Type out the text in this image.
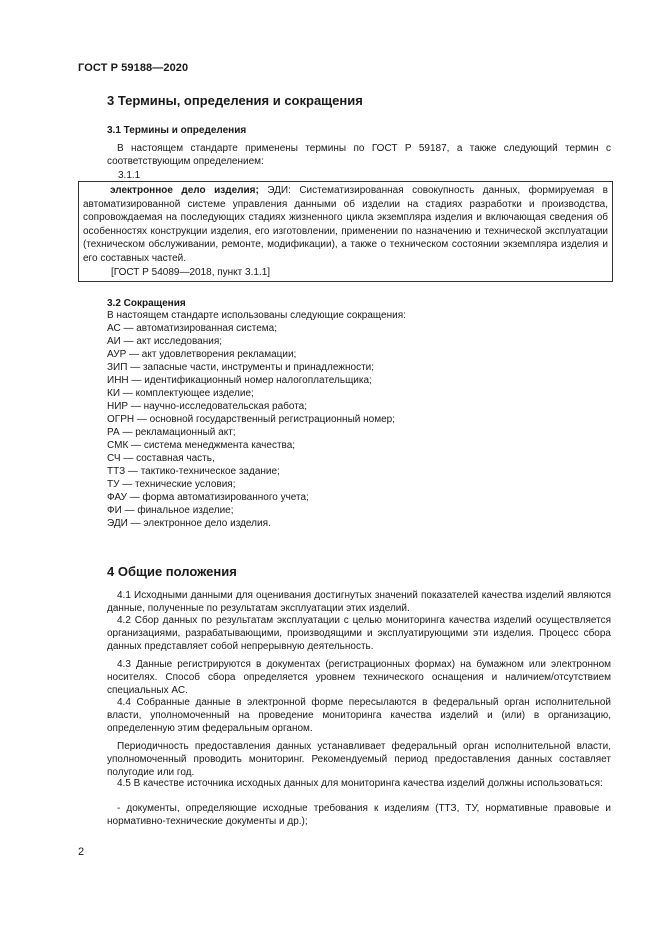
ГОСТ Р 59188—2020
3 Термины, определения и сокращения
3.1 Термины и определения

В настоящем стандарте применены термины по ГОСТ Р 59187, а также следующий термин с соответствующим определением:

3.1.1

электронное дело изделия; ЭДИ: Систематизированная совокупность данных, формируемая в автоматизированной системе управления данными об изделии на стадиях разработки и производства, сопровождаемая на последующих стадиях жизненного цикла экземпляра изделия и включающая сведения об особенностях конструкции изделия, его изготовлении, применении по назначению и технической эксплуатации (техническом обслуживании, ремонте, модификации), а также о техническом состоянии экземпляра изделия и его составных частей.

[ГОСТ Р 54089—2018, пункт 3.1.1]
3.2 Сокращения
В настоящем стандарте использованы следующие сокращения:
АС — автоматизированная система;
АИ — акт исследования;
АУР — акт удовлетворения рекламации;
ЗИП — запасные части, инструменты и принадлежности;
ИНН — идентификационный номер налогоплательщика;
КИ — комплектующее изделие;
НИР — научно-исследовательская работа;
ОГРН — основной государственный регистрационный номер;
РА — рекламационный акт;
СМК — система менеджмента качества;
СЧ — составная часть,
ТТЗ — тактико-техническое задание;
ТУ — технические условия;
ФАУ — форма автоматизированного учета;
ФИ — финальное изделие;
ЭДИ — электронное дело изделия.
4 Общие положения

4.1 Исходными данными для оценивания достигнутых значений показателей качества изделий являются данные, полученные по результатам эксплуатации этих изделий.

4.2 Сбор данных по результатам эксплуатации с целью мониторинга качества изделий осуществляется организациями, разрабатывающими, производящими и эксплуатирующими эти изделия. Процесс сбора данных представляет собой непрерывную деятельность.

4.3 Данные регистрируются в документах (регистрационных формах) на бумажном или электронном носителях. Способ сбора определяется уровнем технического оснащения и наличием/отсутствием специальных АС.

4.4 Собранные данные в электронной форме пересылаются в федеральный орган исполнительной власти, уполномоченный на проведение мониторинга качества изделий и (или) в организацию, определенную этим федеральным органом.

Периодичность предоставления данных устанавливает федеральный орган исполнительной власти, уполномоченный проводить мониторинг. Рекомендуемый период предоставления данных составляет полугодие или год.

4.5 В качестве источника исходных данных для мониторинга качества изделий должны использоваться:

- документы, определяющие исходные требования к изделиям (ТТЗ, ТУ, нормативные правовые и нормативно-технические документы и др.);

2
